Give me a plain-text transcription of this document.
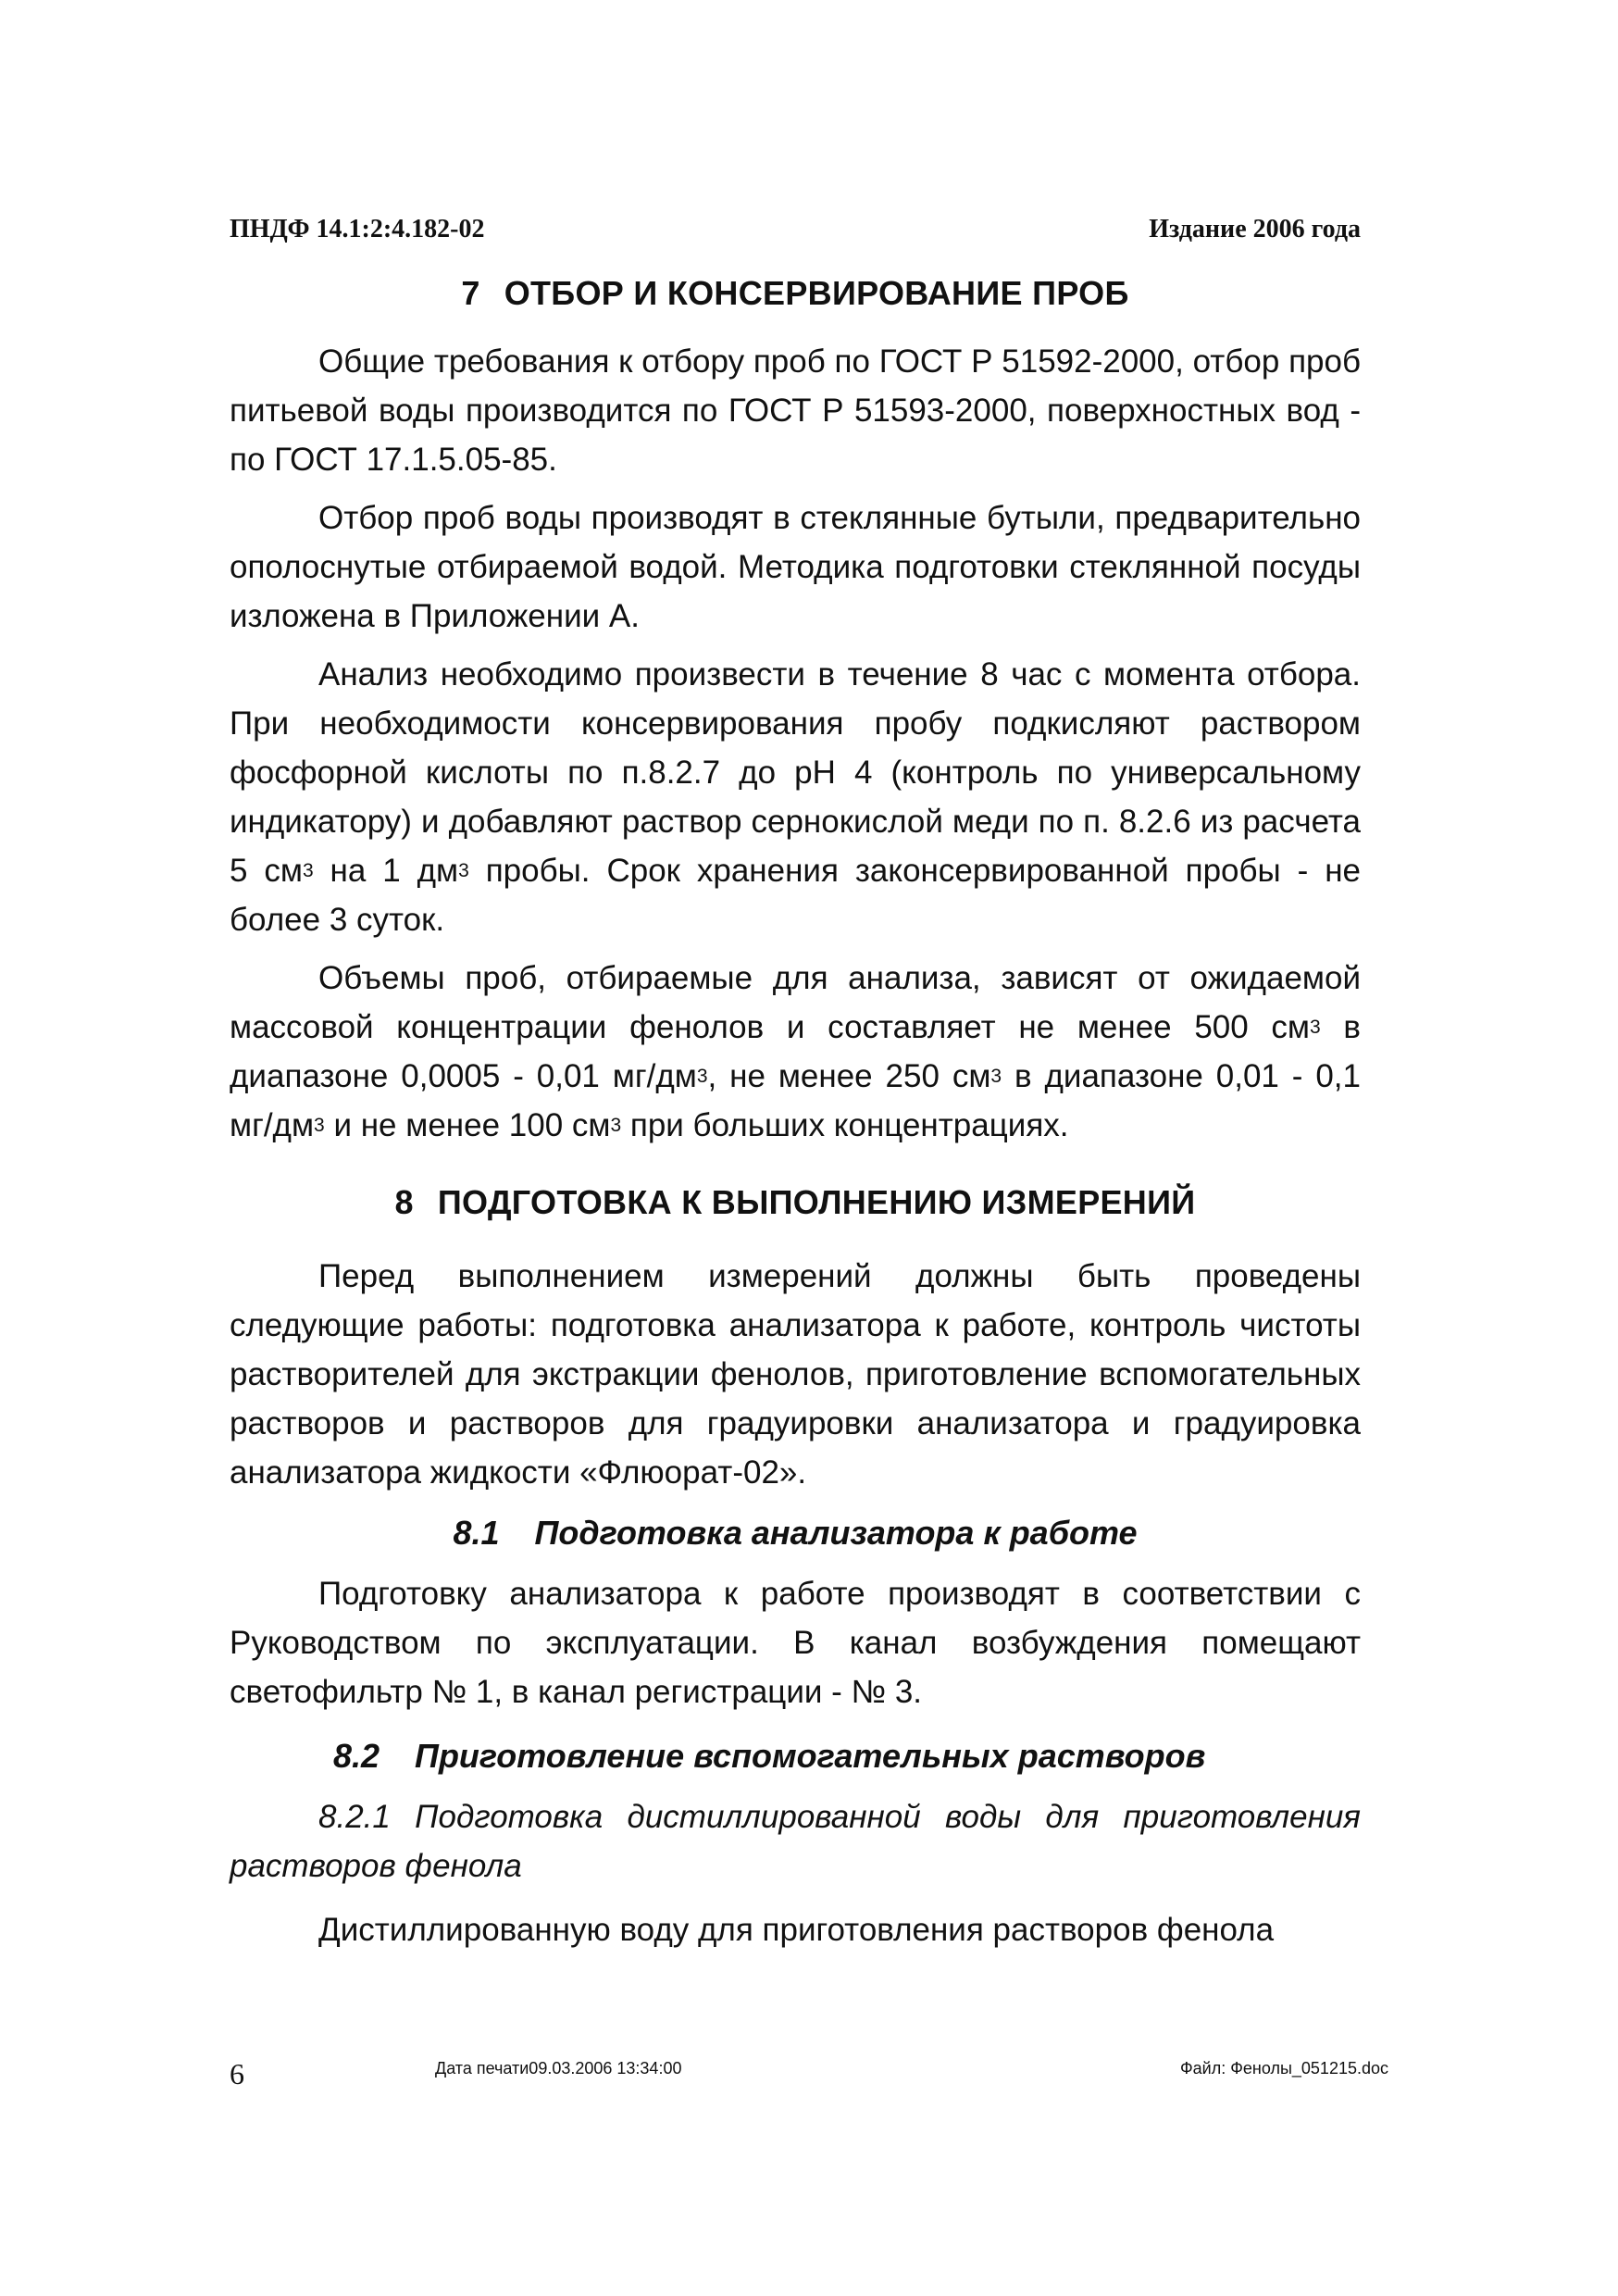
ПНДФ 14.1:2:4.182-02	Издание 2006 года
7 ОТБОР И КОНСЕРВИРОВАНИЕ ПРОБ

Общие требования к отбору проб по ГОСТ Р 51592-2000, отбор проб питьевой воды производится по ГОСТ Р 51593-2000, поверхностных вод - по ГОСТ 17.1.5.05-85.

Отбор проб воды производят в стеклянные бутыли, предварительно ополоснутые отбираемой водой. Методика подготовки стеклянной посуды изложена в Приложении А.

Анализ необходимо произвести в течение 8 час с момента отбора. При необходимости консервирования пробу подкисляют раствором фосфорной кислоты по п.8.2.7 до pH 4 (контроль по универсальному индикатору) и добавляют раствор сернокислой меди по п. 8.2.6 из расчета 5 $см^3$ на 1 $дм^3$ пробы. Срок хранения законсервированной пробы - не более 3 суток.

Объемы проб, отбираемые для анализа, зависят от ожидаемой массовой концентрации фенолов и составляет не менее 500 $см^3$ в диапазоне 0,0005 - 0,01 $мг/дм^3$, не менее 250 $см^3$ в диапазоне 0,01 - 0,1 $мг/дм^3$ и не менее 100 $см^3$ при больших концентрациях.

8 ПОДГОТОВКА К ВЫПОЛНЕНИЮ ИЗМЕРЕНИЙ

Перед выполнением измерений должны быть проведены следующие работы: подготовка анализатора к работе, контроль чистоты растворителей для экстракции фенолов, приготовление вспомогательных растворов и растворов для градуировки анализатора и градуировка анализатора жидкости «Флюорат-02».

8.1 Подготовка анализатора к работе

Подготовку анализатора к работе производят в соответствии с Руководством по эксплуатации. В канал возбуждения помещают светофильтр № 1, в канал регистрации - № 3.

8.2 Приготовление вспомогательных растворов

8.2.1 Подготовка дистиллированной воды для приготовления растворов фенола

Дистиллированную воду для приготовления растворов фенола

6	Дата печати09.03.2006 13:34:00	Файл: Фенолы_051215.doc
